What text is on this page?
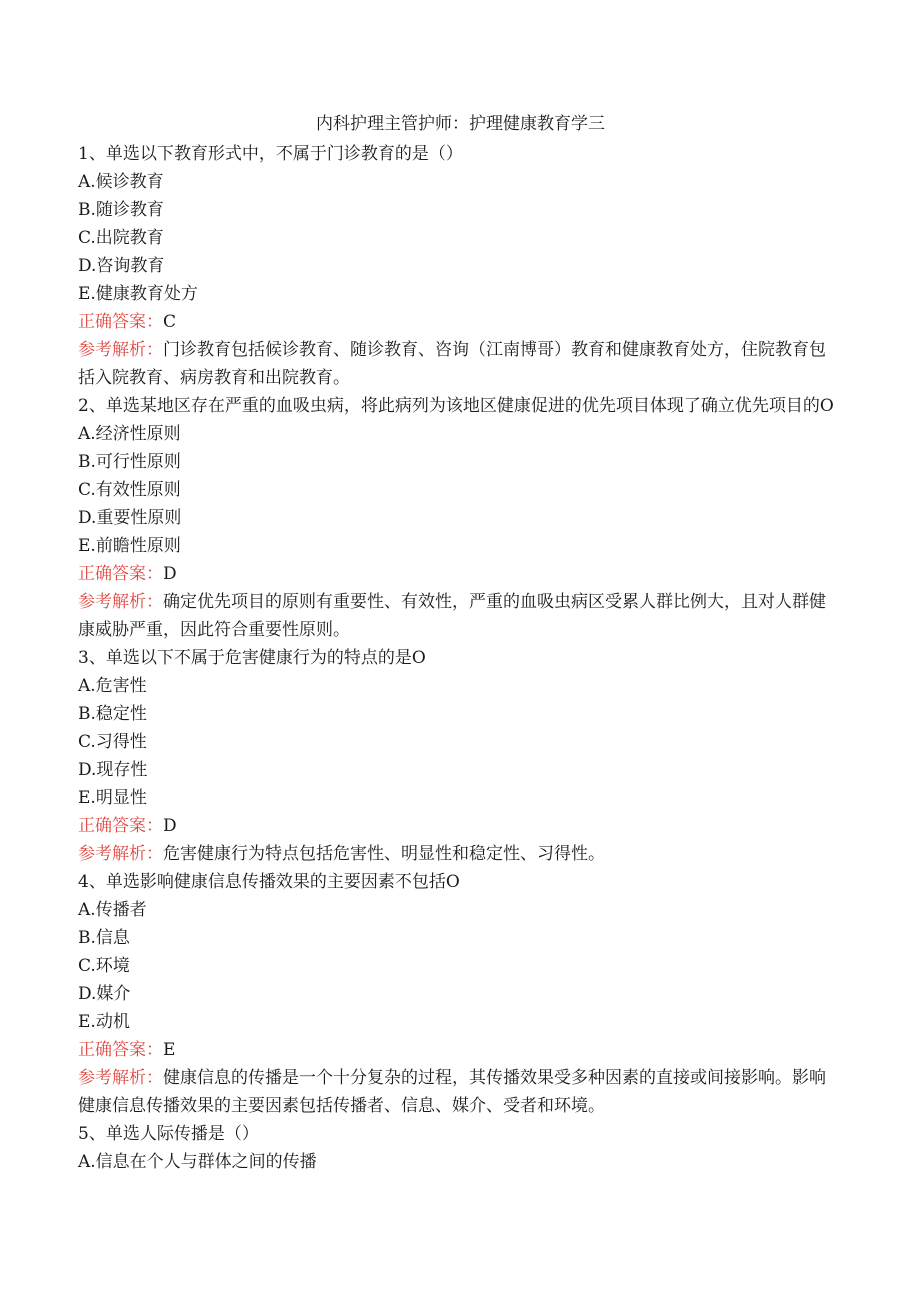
内科护理主管护师：护理健康教育学三

1、单选以下教育形式中，不属于门诊教育的是（）

A.候诊教育

B.随诊教育

C.出院教育

D.咨询教育

E.健康教育处方

正确答案：C

参考解析：门诊教育包括候诊教育、随诊教育、咨询（江南博哥）教育和健康教育处方，住院教育包括入院教育、病房教育和出院教育。

2、单选某地区存在严重的血吸虫病，将此病列为该地区健康促进的优先项目体现了确立优先项目的O

A.经济性原则

B.可行性原则

C.有效性原则

D.重要性原则

E.前瞻性原则

正确答案：D

参考解析：确定优先项目的原则有重要性、有效性，严重的血吸虫病区受累人群比例大，且对人群健康威胁严重，因此符合重要性原则。

3、单选以下不属于危害健康行为的特点的是O

A.危害性

B.稳定性

C.习得性

D.现存性

E.明显性

正确答案：D

参考解析：危害健康行为特点包括危害性、明显性和稳定性、习得性。

4、单选影响健康信息传播效果的主要因素不包括O

A.传播者

B.信息

C.环境

D.媒介

E.动机

正确答案：E

参考解析：健康信息的传播是一个十分复杂的过程，其传播效果受多种因素的直接或间接影响。影响健康信息传播效果的主要因素包括传播者、信息、媒介、受者和环境。

5、单选人际传播是（）

A.信息在个人与群体之间的传播
